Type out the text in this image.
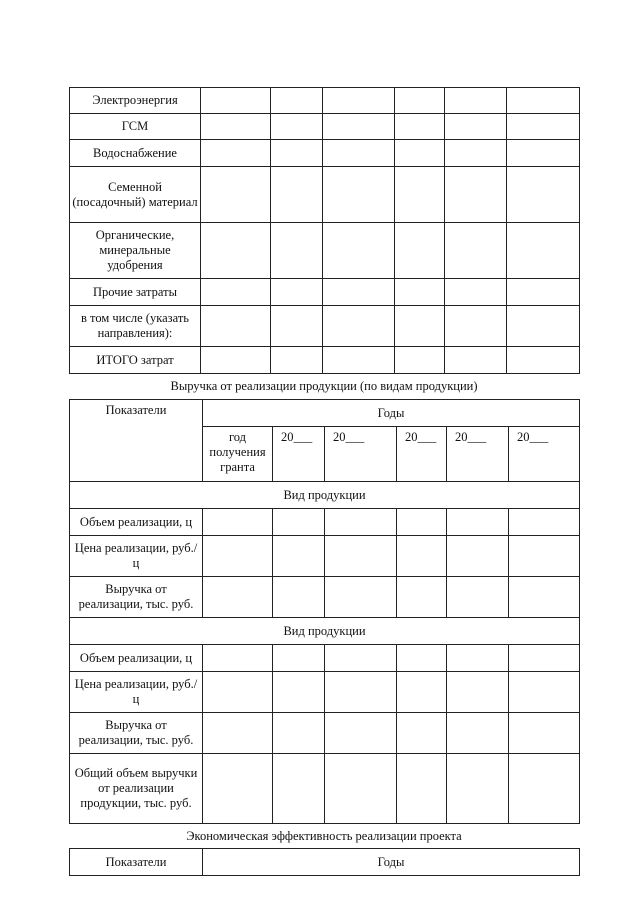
Электроэнергия						
ГСМ						
Водоснабжение						
Семенной (посадочный) материал						
Органические, минеральные удобрения						
Прочие затраты						
в том числе (указать направления):						
ИТОГО затрат						
Выручка от реализации продукции (по видам продукции)
Показатели	Годы					
	год получения гранта	20___	20___	20___	20___	20___
Вид продукции						
Объем реализации, ц						
Цена реализации, руб./ц						
Выручка от реализации, тыс. руб.						
Вид продукции						
Объем реализации, ц						
Цена реализации, руб./ц						
Выручка от реализации, тыс. руб.						
Общий объем выручки от реализации продукции, тыс. руб.						
Экономическая эффективность реализации проекта
Показатели	Годы
